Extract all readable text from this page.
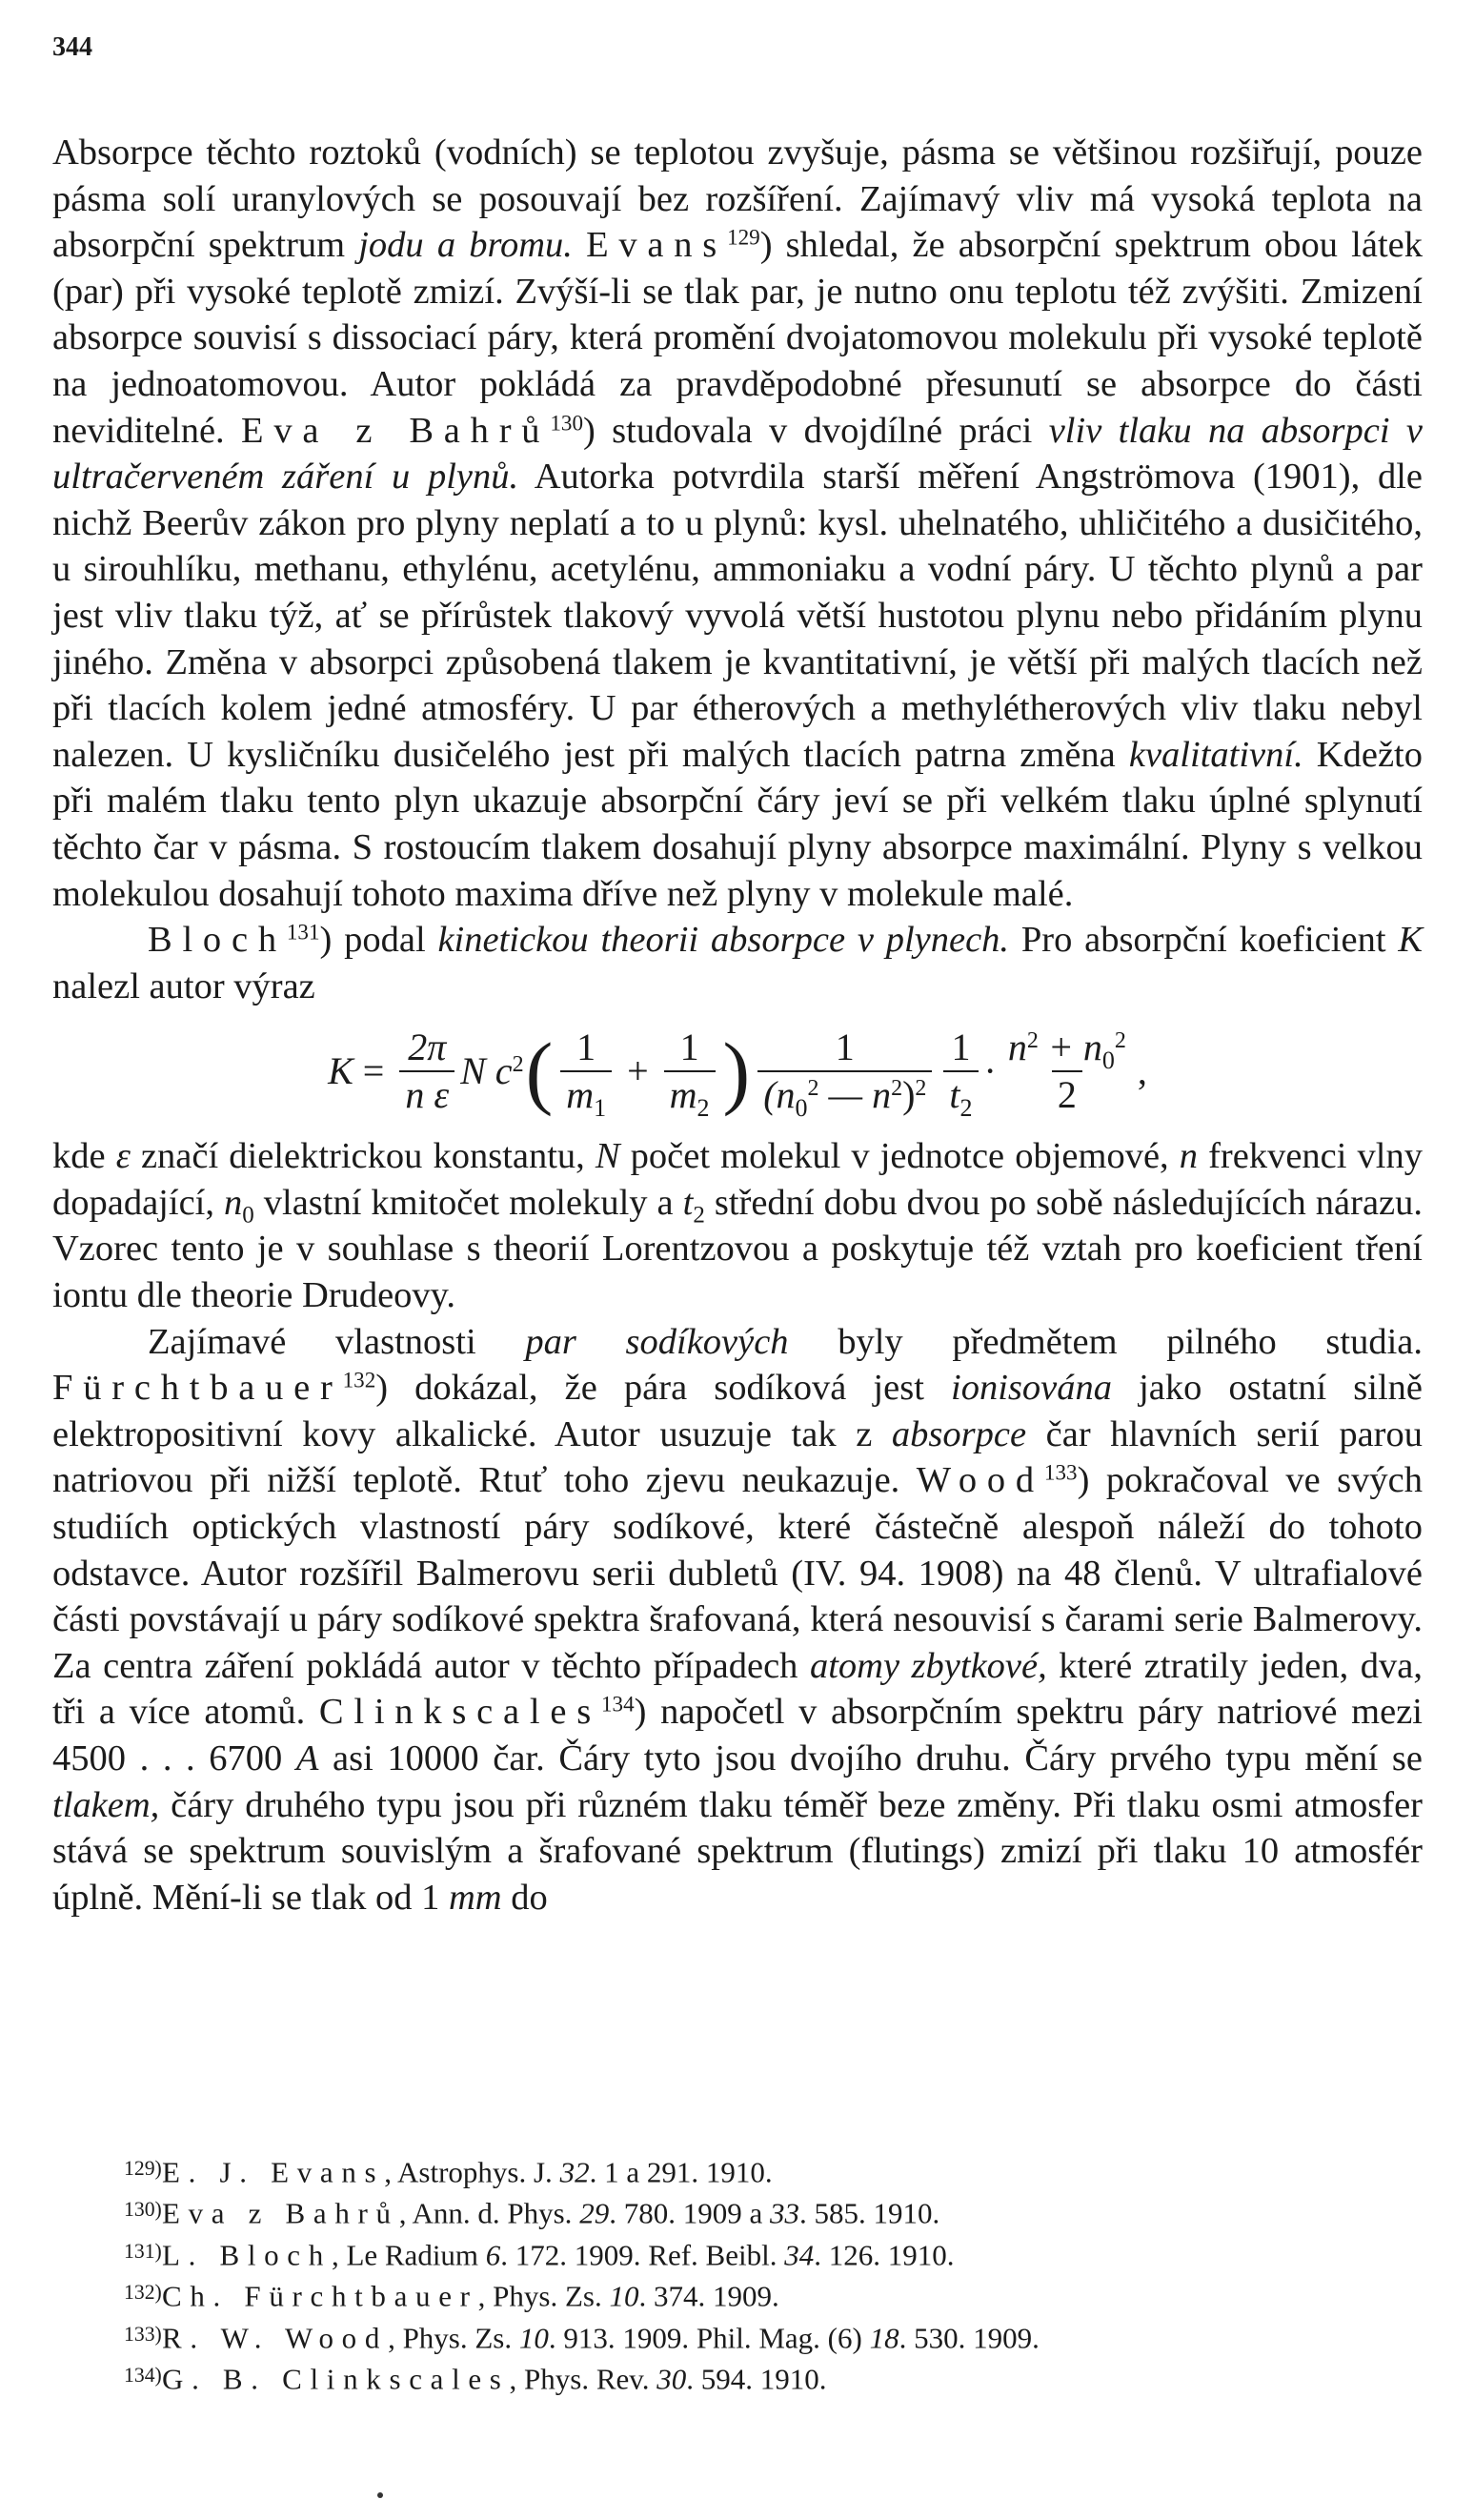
344

Absorpce těchto roztoků (vodních) se teplotou zvyšuje, pásma se většinou rozšiřují, pouze pásma solí uranylových se posouvají bez rozšíření. Zajímavý vliv má vysoká teplota na absorpční spektrum jodu a bromu. Evans$^{129}$) shledal, že absorpční spektrum obou látek (par) při vysoké teplotě zmizí. Zvýší-li se tlak par, je nutno onu teplotu též zvýšiti. Zmizení absorpce souvisí s dissociací páry, která promění dvojatomovou molekulu při vysoké teplotě na jednoatomovou. Autor pokládá za pravděpodobné přesunutí se absorpce do části neviditelné. Eva z Bahrů$^{130}$) studovala v dvojdílné práci vliv tlaku na absorpci v ultračerveném záření u plynů. Autorka potvrdila starší měření Angströmova (1901), dle nichž Beerův zákon pro plyny neplatí a to u plynů: kysl. uhelnatého, uhličitého a dusičitého, u sirouhlíku, methanu, ethylénu, acetylénu, ammoniaku a vodní páry. U těchto plynů a par jest vliv tlaku týž, ať se přírůstek tlakový vyvolá větší hustotou plynu nebo přidáním plynu jiného. Změna v absorpci způsobená tlakem je kvantitativní, je větší při malých tlacích než při tlacích kolem jedné atmosféry. U par étherových a methylétherových vliv tlaku nebyl nalezen. U kysličníku dusičelého jest při malých tlacích patrna změna kvalitativní. Kdežto při malém tlaku tento plyn ukazuje absorpční čáry jeví se při velkém tlaku úplné splynutí těchto čar v pásma. S rostoucím tlakem dosahují plyny absorpce maximální. Plyny s velkou molekulou dosahují tohoto maxima dříve než plyny v molekule malé.

Bloch$^{131}$) podal kinetickou theorii absorpce v plynech. Pro absorpční koeficient K nalezl autor výraz

$K = \frac{2\pi}{\text{n ε}}$ N $c^2$ ( $\frac{1}{m_1} + \frac{1}{m_2}$ ) $\frac{1}{(n_0^2 — n^2)^2} \frac{1}{t_2} \cdot \frac{n^2 + n_0^2}{2}$ ,

kde ε značí dielektrickou konstantu, N počet molekul v jednotce objemové, n frekvenci vlny dopadající, $n_0$ vlastní kmitočet molekuly a $t_2$ střední dobu dvou po sobě následujících nárazu. Vzorec tento je v souhlase s theorií Lorentzovou a poskytuje též vztah pro koeficient tření iontu dle theorie Drudeovy.

Zajímavé vlastnosti par sodíkových byly předmětem pilného studia. Fürchtbauer$^{132}$) dokázal, že pára sodíková jest ionisována jako ostatní silně elektropositivní kovy alkalické. Autor usuzuje tak z absorpce čar hlavních serií parou natriovou při nižší teplotě. Rtuť toho zjevu neukazuje. Wood$^{133}$) pokračoval ve svých studiích optických vlastností páry sodíkové, které částečně alespoň náleží do tohoto odstavce. Autor rozšířil Balmerovu serii dubletů (IV. 94. 1908) na 48 členů. V ultrafialové části povstávají u páry sodíkové spektra šrafovaná, která nesouvisí s čarami serie Balmerovy. Za centra záření pokládá autor v těchto případech atomy zbytkové, které ztratily jeden, dva, tři a více atomů. Clinkscales$^{134}$) napočetl v absorpčním spektru páry natriové mezi 4500 . . . 6700 A asi 10000 čar. Čáry tyto jsou dvojího druhu. Čáry prvého typu mění se tlakem, čáry druhého typu jsou při různém tlaku téměř beze změny. Při tlaku osmi atmosfer stává se spektrum souvislým a šrafované spektrum (flutings) zmizí při tlaku 10 atmosfér úplně. Mění-li se tlak od 1 mm do

129)E. J. Evans, Astrophys. J. 32. 1 a 291. 1910.
130)Eva z Bahrů, Ann. d. Phys. 29. 780. 1909 a 33. 585. 1910.
131)L. Bloch, Le Radium 6. 172. 1909. Ref. Beibl. 34. 126. 1910.
132)Ch. Fürchtbauer, Phys. Zs. 10. 374. 1909.
133)R. W. Wood, Phys. Zs. 10. 913. 1909. Phil. Mag. (6) 18. 530. 1909.
134)G. B. Clinkscales, Phys. Rev. 30. 594. 1910.
